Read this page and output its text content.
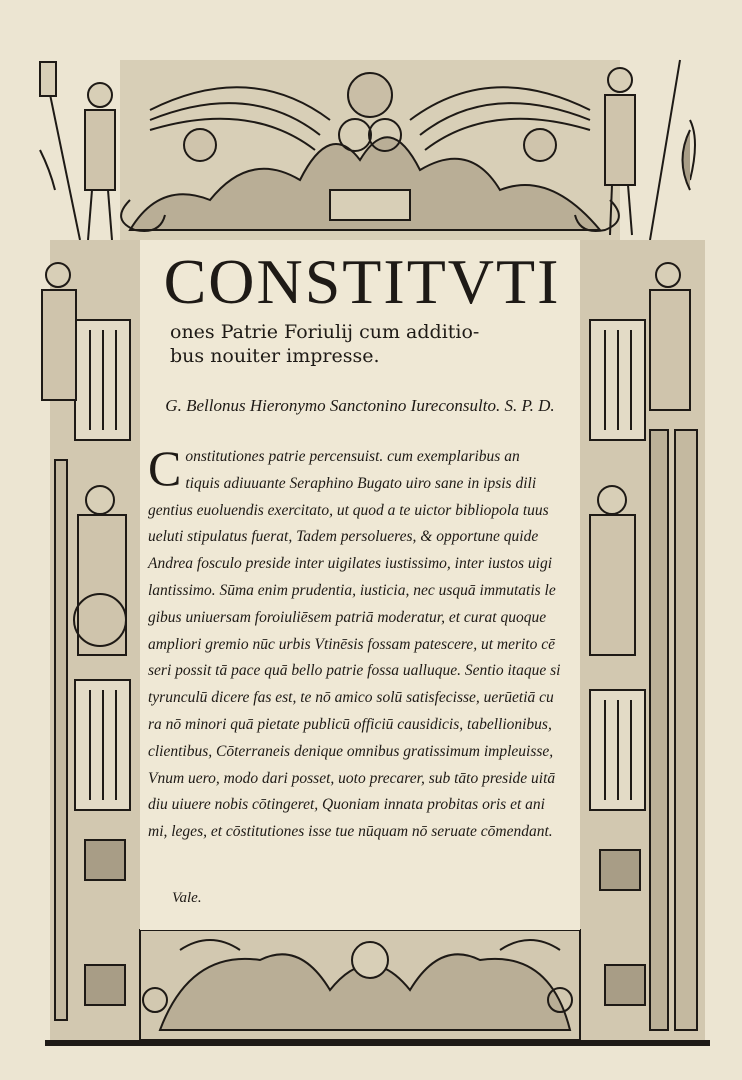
CONSTITVTI
ones Patrie Foriulij cum additio-
bus nouiter impresse.
G. Bellonus Hieronymo Sanctonino Iureconsulto. S. P. D.
C onstitutiones patrie percensuist. cum exemplaribus an
tiquis adiuuante Seraphino Bugato uiro sane in ipsis dili
gentius euoluendis exercitato, ut quod a te uictor bibliopola tuus
ueluti stipulatus fuerat, Tadem persolueres, & opportune quide
Andrea fosculo preside inter uigilates iustissimo, inter iustos uigi
lantissimo. Sūma enim prudentia, iusticia, nec usquā immutatis le
gibus uniuersam foroiuliēsem patriā moderatur, et curat quoque
ampliori gremio nūc urbis Vtinēsis fossam patescere, ut merito cē
seri possit tā pace quā bello patrie fossa ualluque. Sentio itaque si
tyrunculū dicere fas est, te nō amico solū satisfecisse, uerūetiā cu
ra nō minori quā pietate publicū officiū causidicis, tabellionibus,
clientibus, Cōterraneis denique omnibus gratissimum impleuisse,
Vnum uero, modo dari posset, uoto precarer, sub tāto preside uitā
diu uiuere nobis cōtingeret, Quoniam innata probitas oris et ani
mi, leges, et cōstitutiones isse tue nūquam nō seruate cōmendant.
Vale.
